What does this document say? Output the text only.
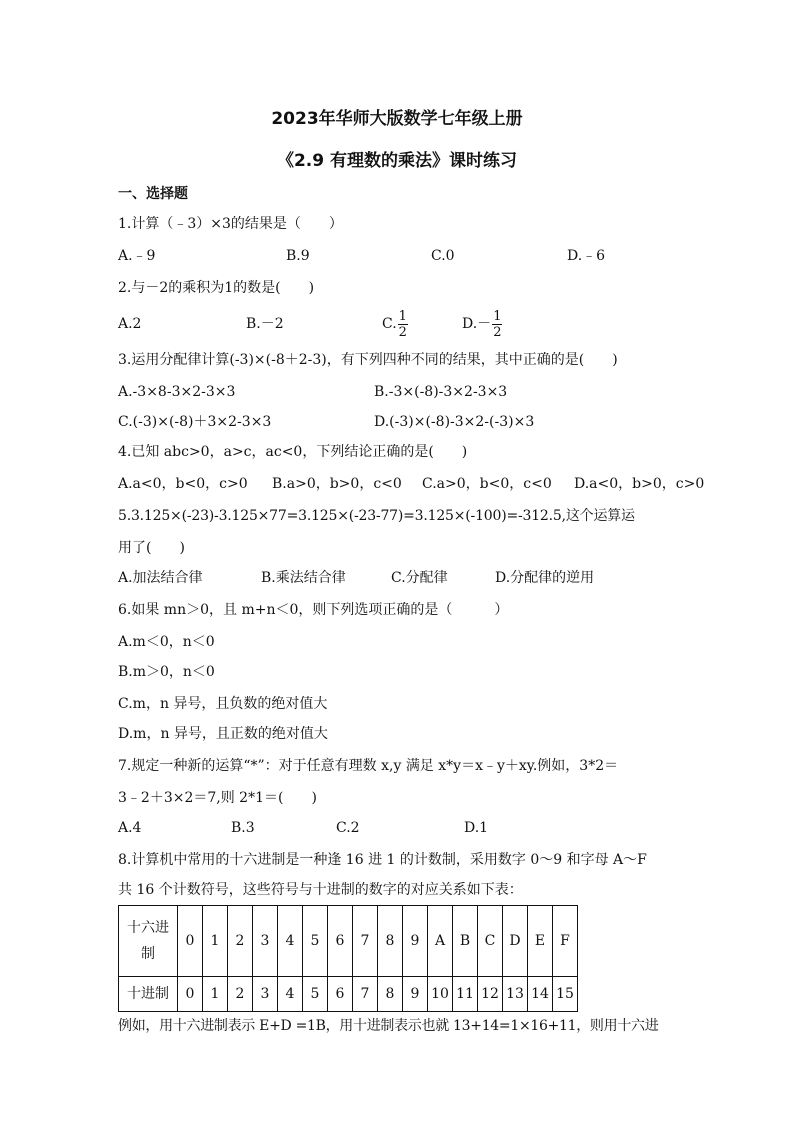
2023年华师大版数学七年级上册
《2.9 有理数的乘法》课时练习
一、选择题
1.计算（﹣3）×3的结果是（　　）
A.﹣9	B.9	C.0	D.﹣6
2.与－2的乘积为1的数是(　　)
A.2	B.－2	C. $\frac{1}{2}$	$D.- \frac{1}{2}$
3.运用分配律计算(-3)×(-8＋2-3)，有下列四种不同的结果，其中正确的是(　　)
A.-3×8-3×2-3×3	B.-3×(-8)-3×2-3×3
C.(-3)×(-8)＋3×2-3×3	D.(-3)×(-8)-3×2-(-3)×3
4.已知 abc>0，a>c，ac<0，下列结论正确的是(　　)
A.a<0，b<0，c>0 B.a>0，b>0，c<0 C.a>0，b<0，c<0 D.a<0，b>0，c>0
5.3.125×(-23)-3.125×77=3.125×(-23-77)=3.125×(-100)=-312.5,这个运算运
用了(　　)
A.加法结合律	B.乘法结合律	C.分配律	D.分配律的逆用
6.如果 mn＞0，且 m+n＜0，则下列选项正确的是（　　　）
A.m＜0，n＜0
B.m＞0，n＜0
C.m，n 异号，且负数的绝对值大
D.m，n 异号，且正数的绝对值大
7.规定一种新的运算“*”：对于任意有理数 x,y 满足 x*y＝x﹣y＋xy.例如，3*2＝
3﹣2＋3×2＝7,则 2*1＝(　　)
A.4	B.3	C.2	D.1
8.计算机中常用的十六进制是一种逢 16 进 1 的计数制，采用数字 0～9 和字母 A～F
共 16 个计数符号，这些符号与十进制的数字的对应关系如下表：
十六进
制	0	1	2	3	4	5	6	7	8	9	A	B	C	D	E	F
十进制	0	1	2	3	4	5	6	7	8	9	10	11	12	13	14	15
例如，用十六进制表示 E+D =1B，用十进制表示也就 13+14=1×16+11，则用十六进
